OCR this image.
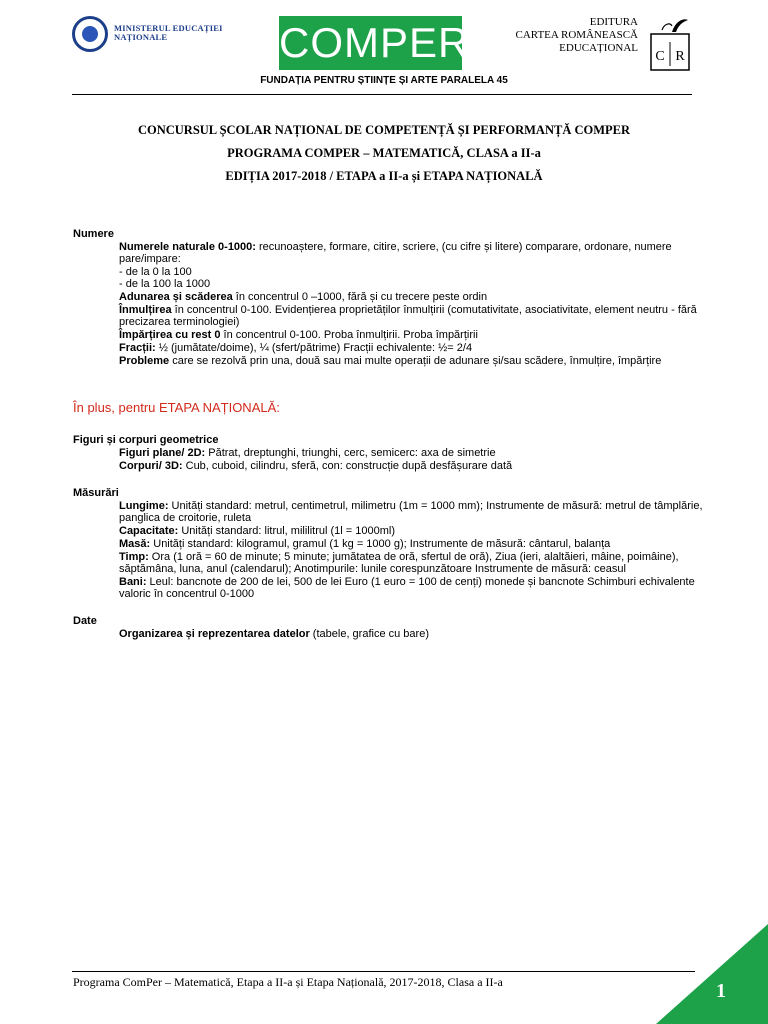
MINISTERUL EDUCAȚIEI
NAȚIONALE	COMPER	EDITURA
CARTEA ROMÂNEASCĂ
EDUCAȚIONAL
C R
FUNDAȚIA PENTRU ȘTIINȚE ȘI ARTE PARALELA 45
CONCURSUL ȘCOLAR NAȚIONAL DE COMPETENȚĂ ȘI PERFORMANȚĂ COMPER
PROGRAMA COMPER – MATEMATICĂ, CLASA a II-a
EDIȚIA 2017-2018 / ETAPA a II-a și ETAPA NAȚIONALĂ
Numere
Numerele naturale 0-1000: recunoaștere, formare, citire, scriere, (cu cifre și litere) comparare, ordonare, numere pare/impare:
- de la 0 la 100
- de la 100 la 1000
Adunarea și scăderea în concentrul 0 –1000, fără și cu trecere peste ordin
Înmulțirea în concentrul 0-100. Evidențierea proprietăților înmulțirii (comutativitate, asociativitate, element neutru - fără precizarea terminologiei)
Împărțirea cu rest 0 în concentrul 0-100. Proba înmulțirii. Proba împărțirii
Fracții: ½ (jumătate/doime), ¼ (sfert/pătrime) Fracții echivalente: ½= 2/4
Probleme care se rezolvă prin una, două sau mai multe operații de adunare și/sau scădere, înmulțire, împărțire
În plus, pentru ETAPA NAȚIONALĂ:
Figuri și corpuri geometrice
Figuri plane/ 2D: Pătrat, dreptunghi, triunghi, cerc, semicerc: axa de simetrie
Corpuri/ 3D: Cub, cuboid, cilindru, sferă, con: construcție după desfășurare dată
Măsurări
Lungime: Unități standard: metrul, centimetrul, milimetru (1m = 1000 mm); Instrumente de măsură: metrul de tâmplărie, panglica de croitorie, ruleta
Capacitate: Unități standard: litrul, mililitrul (1l = 1000ml)
Masă: Unități standard: kilogramul, gramul (1 kg = 1000 g); Instrumente de măsură: cântarul, balanța
Timp: Ora (1 oră = 60 de minute; 5 minute; jumătatea de oră, sfertul de oră), Ziua (ieri, alaltăieri, mâine, poimâine), săptămâna, luna, anul (calendarul); Anotimpurile: lunile corespunzătoare Instrumente de măsură: ceasul
Bani: Leul: bancnote de 200 de lei, 500 de lei Euro (1 euro = 100 de cenți) monede și bancnote Schimburi echivalente valoric în concentrul 0-1000
Date
Organizarea și reprezentarea datelor (tabele, grafice cu bare)
Programa ComPer – Matematică, Etapa a II-a și Etapa Națională, 2017-2018, Clasa a II-a	1
